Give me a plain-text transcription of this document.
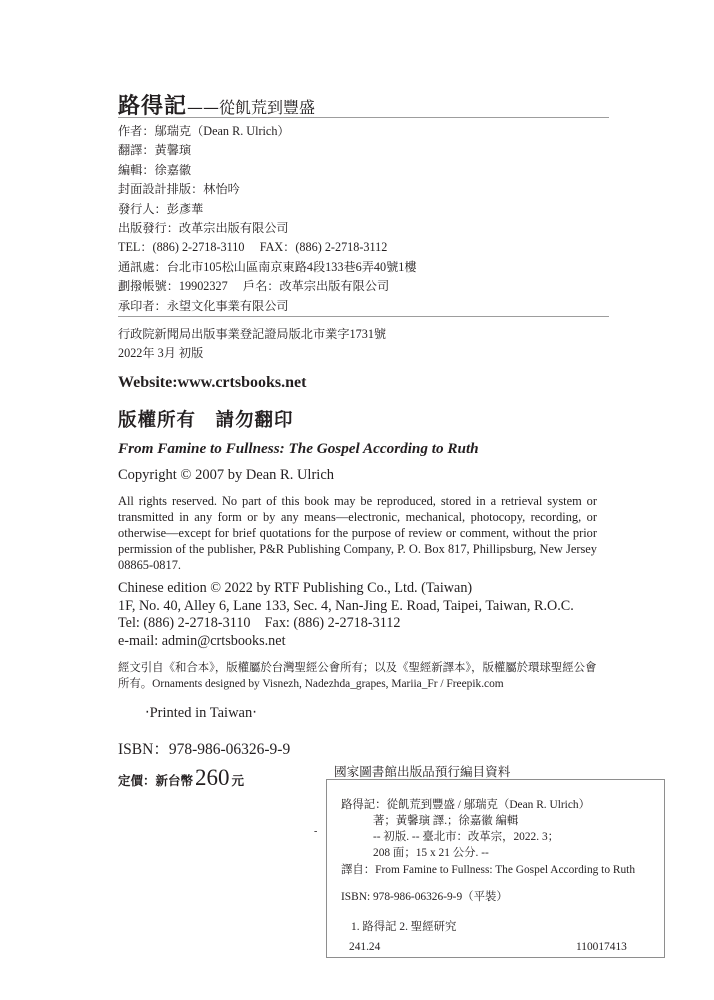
路得記——從飢荒到豐盛
作者：鄔瑞克（Dean R. Ulrich）
翻譯：黃馨璌
編輯：徐嘉徽
封面設計排版：林怡吟
發行人：彭彥華
出版發行：改革宗出版有限公司
TEL：(886) 2-2718-3110　 FAX：(886) 2-2718-3112
通訊處：台北市105松山區南京東路4段133巷6弄40號1樓
劃撥帳號：19902327　 戶名：改革宗出版有限公司
承印者：永望文化事業有限公司
行政院新聞局出版事業登記證局版北市業字1731號
2022年 3月 初版
Website:www.crtsbooks.net
版權所有　請勿翻印
From Famine to Fullness: The Gospel According to Ruth
Copyright © 2007 by Dean R. Ulrich
All rights reserved. No part of this book may be reproduced, stored in a retrieval system or transmitted in any form or by any means—electronic, mechanical, photocopy, recording, or otherwise—except for brief quotations for the purpose of review or comment, without the prior permission of the publisher, P&R Publishing Company, P. O. Box 817, Phillipsburg, New Jersey 08865-0817.
Chinese edition © 2022 by RTF Publishing Co., Ltd. (Taiwan)
1F, No. 40, Alley 6, Lane 133, Sec. 4, Nan-Jing E. Road, Taipei, Taiwan, R.O.C.
Tel: (886) 2-2718-3110　Fax: (886) 2-2718-3112
e-mail: admin@crtsbooks.net
經文引自《和合本》，版權屬於台灣聖經公會所有；以及《聖經新譯本》，版權屬於環球聖經公會所有。Ornaments designed by Visnezh, Nadezhda_grapes, Mariia_Fr / Freepik.com
‧Printed in Taiwan‧
ISBN：978-986-06326-9-9
定價：新台幣260 元
-
國家圖書館出版品預行編目資料
路得記：從飢荒到豐盛 / 鄔瑞克（Dean R. Ulrich）
著；黃馨璌 譯.；徐嘉徽 編輯
-- 初版. -- 臺北市：改革宗，2022. 3；
208 面；15 x 21 公分. --
譯自：From Famine to Fullness: The Gospel According to Ruth
ISBN: 978-986-06326-9-9（平裝）
1. 路得記 2. 聖經研究
241.24	110017413
